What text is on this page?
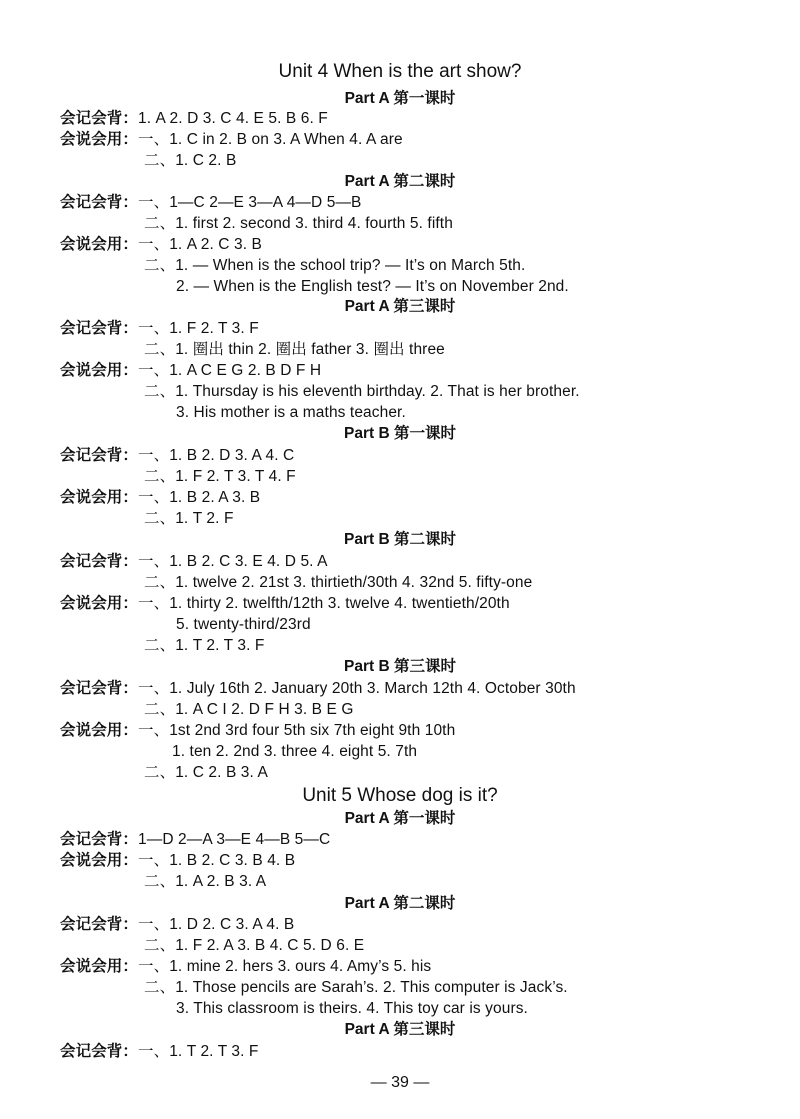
Unit 4 When is the art show?
Part A 第一课时
会记会背：1. A 2. D 3. C 4. E 5. B 6. F
会说会用：一、1. C in 2. B on 3. A When 4. A are
二、1. C 2. B
Part A 第二课时
会记会背：一、1—C 2—E 3—A 4—D 5—B
二、1. first 2. second 3. third 4. fourth 5. fifth
会说会用：一、1. A 2. C 3. B
二、1. — When is the school trip? — It’s on March 5th.
2. — When is the English test? — It’s on November 2nd.
Part A 第三课时
会记会背：一、1. F 2. T 3. F
二、1. 圈出 thin 2. 圈出 father 3. 圈出 three
会说会用：一、1. A C E G 2. B D F H
二、1. Thursday is his eleventh birthday. 2. That is her brother.
3. His mother is a maths teacher.
Part B 第一课时
会记会背：一、1. B 2. D 3. A 4. C
二、1. F 2. T 3. T 4. F
会说会用：一、1. B 2. A 3. B
二、1. T 2. F
Part B 第二课时
会记会背：一、1. B 2. C 3. E 4. D 5. A
二、1. twelve 2. 21st 3. thirtieth/30th 4. 32nd 5. fifty-one
会说会用：一、1. thirty 2. twelfth/12th 3. twelve 4. twentieth/20th
5. twenty-third/23rd
二、1. T 2. T 3. F
Part B 第三课时
会记会背：一、1. July 16th 2. January 20th 3. March 12th 4. October 30th
二、1. A C I 2. D F H 3. B E G
会说会用：一、1st 2nd 3rd four 5th six 7th eight 9th 10th
1. ten 2. 2nd 3. three 4. eight 5. 7th
二、1. C 2. B 3. A
Unit 5 Whose dog is it?
Part A 第一课时
会记会背：1—D 2—A 3—E 4—B 5—C
会说会用：一、1. B 2. C 3. B 4. B
二、1. A 2. B 3. A
Part A 第二课时
会记会背：一、1. D 2. C 3. A 4. B
二、1. F 2. A 3. B 4. C 5. D 6. E
会说会用：一、1. mine 2. hers 3. ours 4. Amy’s 5. his
二、1. Those pencils are Sarah’s. 2. This computer is Jack’s.
3. This classroom is theirs. 4. This toy car is yours.
Part A 第三课时
会记会背：一、1. T 2. T 3. F
— 39 —
